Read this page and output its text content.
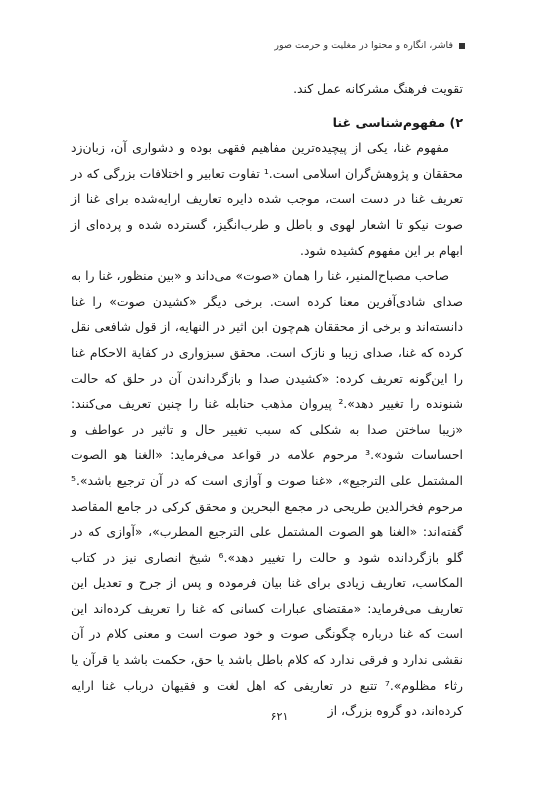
فاشر، انگاره و محتوا در مغلیت و حرمت صور

تقویت فرهنگ مشرکانه عمل کند.

۲) مفهوم‌شناسی غنا

مفهوم غنا، یکی از پیچیده‌ترین مفاهیم فقهی بوده و دشواری آن، زبان‌زد محققان و پژوهش‌گران اسلامی است.¹ تفاوت تعابیر و اختلافات بزرگی که در تعریف غنا در دست است، موجب شده دایره تعاریف ارایه‌شده برای غنا از صوت نیکو تا اشعار لهوی و باطل و طرب‌انگیز، گسترده شده و پرده‌ای از ابهام بر این مفهوم کشیده شود.

صاحب مصباح‌المنیر، غنا را همان «صوت» می‌داند و «بین منظور، غنا را به صدای شادی‌آفرین معنا کرده است. برخی دیگر «کشیدن صوت» را غنا دانسته‌اند و برخی از محققان هم‌چون ابن اثیر در النهایه، از قول شافعی نقل کرده که غنا، صدای زیبا و نازک است. محقق سبزواری در کفایة الاحکام غنا را این‌گونه تعریف کرده: «کشیدن صدا و بازگرداندن آن در حلق که حالت شنونده را تغییر دهد».² پیروان مذهب حنابله غنا را چنین تعریف می‌کنند: «زیبا ساختن صدا به شکلی که سبب تغییر حال و تاثیر در عواطف و احساسات شود».³ مرحوم علامه در قواعد می‌فرماید: «الغنا هو الصوت المشتمل علی الترجیع»، «غنا صوت و آوازی است که در آن ترجیع باشد».⁵ مرحوم فخرالدین طریحی در مجمع البحرین و محقق کرکی در جامع المقاصد گفته‌اند: «الغنا هو الصوت المشتمل علی الترجیع المطرب»، «آوازی که در گلو بازگردانده شود و حالت را تغییر دهد».⁶ شیخ انصاری نیز در کتاب المکاسب، تعاریف زیادی برای غنا بیان فرموده و پس از جرح و تعدیل این تعاریف می‌فرماید: «مقتضای عبارات کسانی که غنا را تعریف کرده‌اند این است که غنا درباره چگونگی صوت و خود صوت است و معنی کلام در آن نقشی ندارد و فرقی ندارد که کلام باطل باشد یا حق، حکمت باشد یا قرآن یا رثاء مظلوم».⁷ تتبع در تعاریفی که اهل لغت و فقیهان درباب غنا ارایه کرده‌اند، دو گروه بزرگ، از

۶۲۱
